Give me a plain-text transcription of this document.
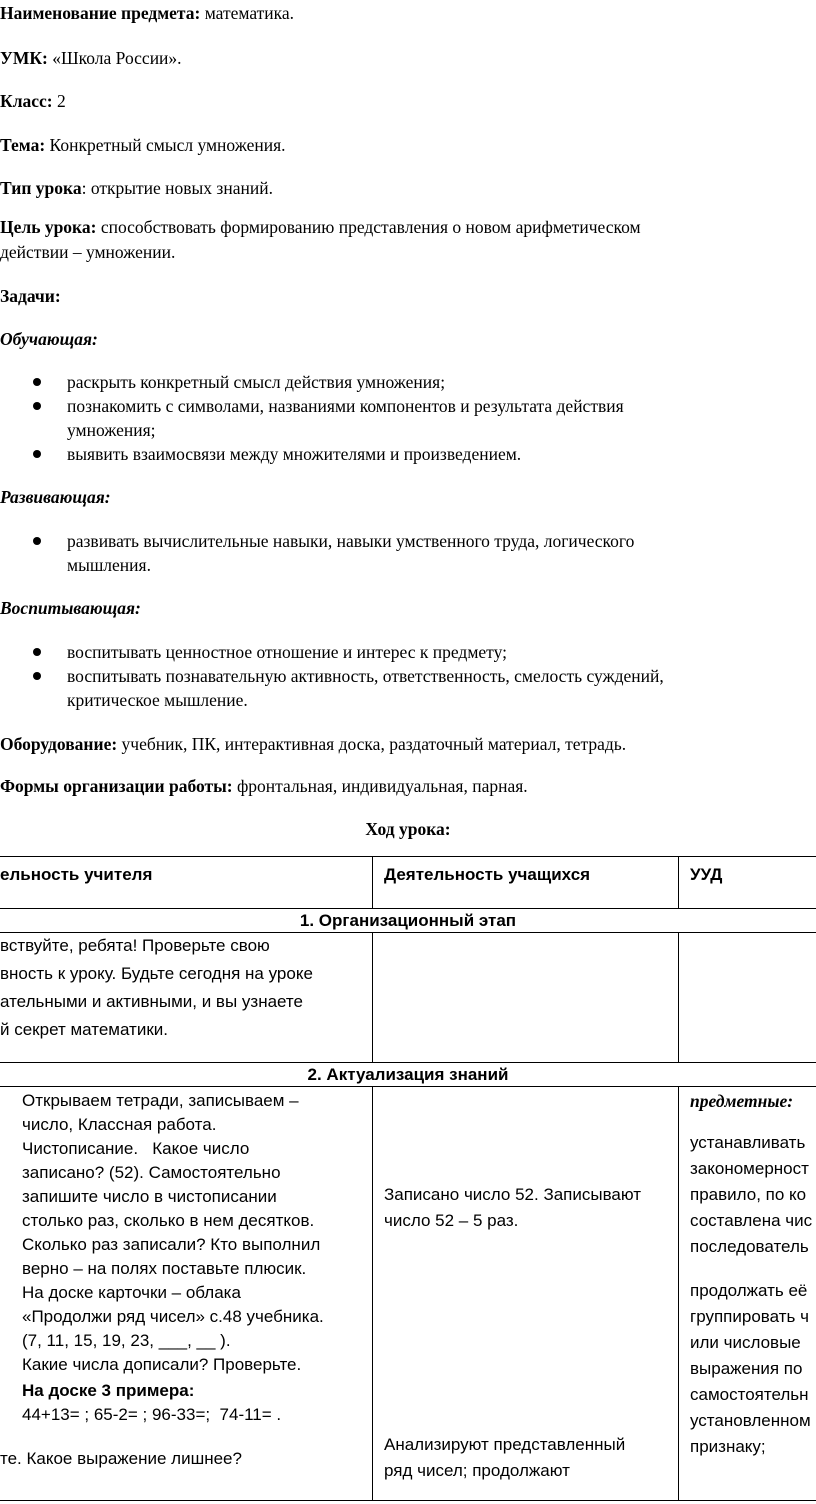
Наименование предмета: математика.
УМК: «Школа России».
Класс: 2
Тема: Конкретный смысл умножения.
Тип урока: открытие новых знаний.
Цель урока: способствовать формированию представления о новом арифметическом
действии – умножении.
Задачи:
Обучающая:
раскрыть конкретный смысл действия умножения;
познакомить с символами, названиями компонентов и результата действия
умножения;
выявить взаимосвязи между множителями и произведением.
Развивающая:
развивать вычислительные навыки, навыки умственного труда, логического
мышления.
Воспитывающая:
воспитывать ценностное отношение и интерес к предмету;
воспитывать познавательную активность, ответственность, смелость суждений,
критическое мышление.
Оборудование: учебник, ПК, интерактивная доска, раздаточный материал, тетрадь.
Формы организации работы: фронтальная, индивидуальная, парная.
Ход урока:
ельность учителя	Деятельность учащихся	УУД
1. Организационный этап
вствуйте, ребята! Проверьте свою
вность к уроку. Будьте сегодня на уроке
ательными и активными, и вы узнаете
й секрет математики.
2. Актуализация знаний
Открываем тетради, записываем –
число, Классная работа.
Чистописание.   Какое число
записано? (52). Самостоятельно
запишите число в чистописании
столько раз, сколько в нем десятков.
Сколько раз записали? Кто выполнил
верно – на полях поставьте плюсик.
На доске карточки – облака
«Продолжи ряд чисел» с.48 учебника.
(7, 11, 15, 19, 23, ___, __ ).
Какие числа дописали? Проверьте.
На доске 3 примера:
44+13= ; 65-2= ; 96-33=;  74-11= .
те. Какое выражение лишнее?
Записано число 52. Записывают
число 52 – 5 раз.
Анализируют представленный
ряд чисел; продолжают
предметные:
устанавливать
закономерност
правило, по ко
составлена чис
последователь
продолжать её
группировать ч
или числовые
выражения по
самостоятельн
установленном
признаку;
